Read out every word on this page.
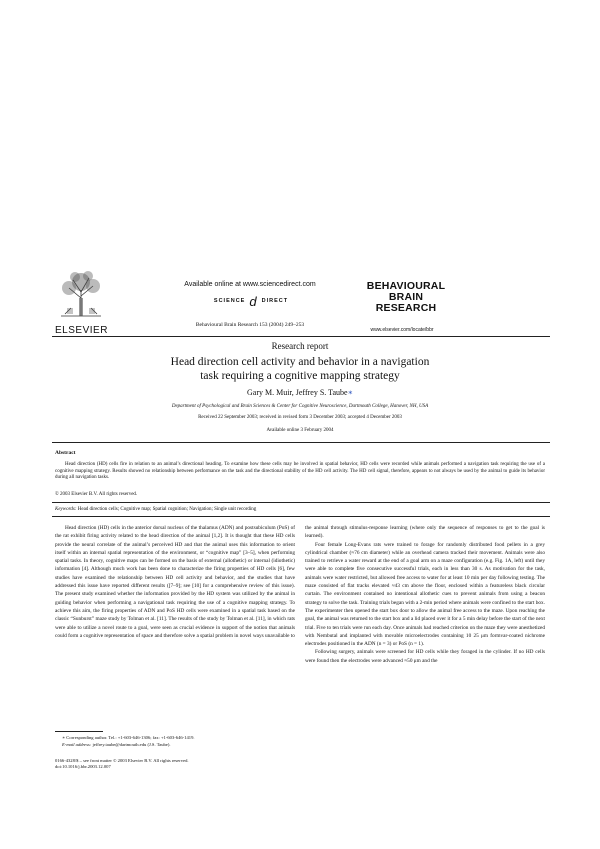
ELSEVIER
Available online at www.sciencedirect.com
SCIENCE d DIRECT
Behavioural Brain Research 153 (2004) 249–253
BEHAVIOURAL
BRAIN
RESEARCH
www.elsevier.com/locate/bbr
Research report
Head direction cell activity and behavior in a navigation
task requiring a cognitive mapping strategy
Gary M. Muir, Jeffrey S. Taube∗
Department of Psychological and Brain Sciences & Center for Cognitive Neuroscience, Dartmouth College, Hanover, NH, USA
Received 22 September 2003; received in revised form 3 December 2003; accepted 4 December 2003
Available online 3 February 2004
Abstract

Head direction (HD) cells fire in relation to an animal’s directional heading. To examine how these cells may be involved in spatial behavior, HD cells were recorded while animals performed a navigation task requiring the use of a cognitive mapping strategy. Results showed no relationship between performance on the task and the directional stability of the HD cell activity. The HD cell signal, therefore, appears to not always be used by the animal to guide its behavior during all navigation tasks.

© 2003 Elsevier B.V. All rights reserved.
Keywords: Head direction cells; Cognitive map; Spatial cognition; Navigation; Single unit recording

Head direction (HD) cells in the anterior dorsal nucleus of the thalamus (ADN) and postsubiculum (PoS) of the rat exhibit firing activity related to the head direction of the animal [1,2]. It is thought that these HD cells provide the neural correlate of the animal’s perceived HD and that the animal uses this information to orient itself within an internal spatial representation of the environment, or “cognitive map” [3–5], when performing spatial tasks. In theory, cognitive maps can be formed on the basis of external (allothetic) or internal (idiothetic) information [4]. Although much work has been done to characterize the firing properties of HD cells [6], few studies have examined the relationship between HD cell activity and behavior, and the studies that have addressed this issue have reported different results ([7–9]; see [10] for a comprehensive review of this issue). The present study examined whether the information provided by the HD system was utilized by the animal in guiding behavior when performing a navigational task requiring the use of a cognitive mapping strategy. To achieve this aim, the firing properties of ADN and PoS HD cells were examined in a spatial task based on the classic “Sunburst” maze study by Tolman et al. [11]. The results of the study by Tolman et al. [11], in which rats were able to utilize a novel route to a goal, were seen as crucial evidence in support of the notion that animals could form a cognitive representation of space and therefore solve a spatial problem in novel ways unavailable to

the animal through stimulus-response learning (where only the sequence of responses to get to the goal is learned).

Four female Long-Evans rats were trained to forage for randomly distributed food pellets in a grey cylindrical chamber (≈76 cm diameter) while an overhead camera tracked their movement. Animals were also trained to retrieve a water reward at the end of a goal arm on a maze configuration (e.g. Fig. 1A, left) until they were able to complete five consecutive successful trials, each in less than 30 s. As motivation for the task, animals were water restricted, but allowed free access to water for at least 10 min per day following testing. The maze consisted of flat tracks elevated ≈43 cm above the floor, enclosed within a featureless black circular curtain. The environment contained no intentional allothetic cues to prevent animals from using a beacon strategy to solve the task. Training trials began with a 2-min period where animals were confined to the start box. The experimenter then opened the start box door to allow the animal free access to the maze. Upon reaching the goal, the animal was returned to the start box and a lid placed over it for a 5 min delay before the start of the next trial. Five to ten trials were run each day. Once animals had reached criterion on the maze they were anesthetized with Nembutal and implanted with movable microelectrodes containing 10 25 μm formvar-coated nichrome electrodes positioned in the ADN (n = 3) or PoS (n = 1).

Following surgery, animals were screened for HD cells while they foraged in the cylinder. If no HD cells were found then the electrodes were advanced ≈50 μm and the

∗ Corresponding author. Tel.: +1-603-646-1306; fax: +1-603-646-1419.
E-mail address: jeffrey.taube@dartmouth.edu (J.S. Taube).
0166-4328/$ – see front matter © 2003 Elsevier B.V. All rights reserved.
doi:10.1016/j.bbr.2003.12.007
